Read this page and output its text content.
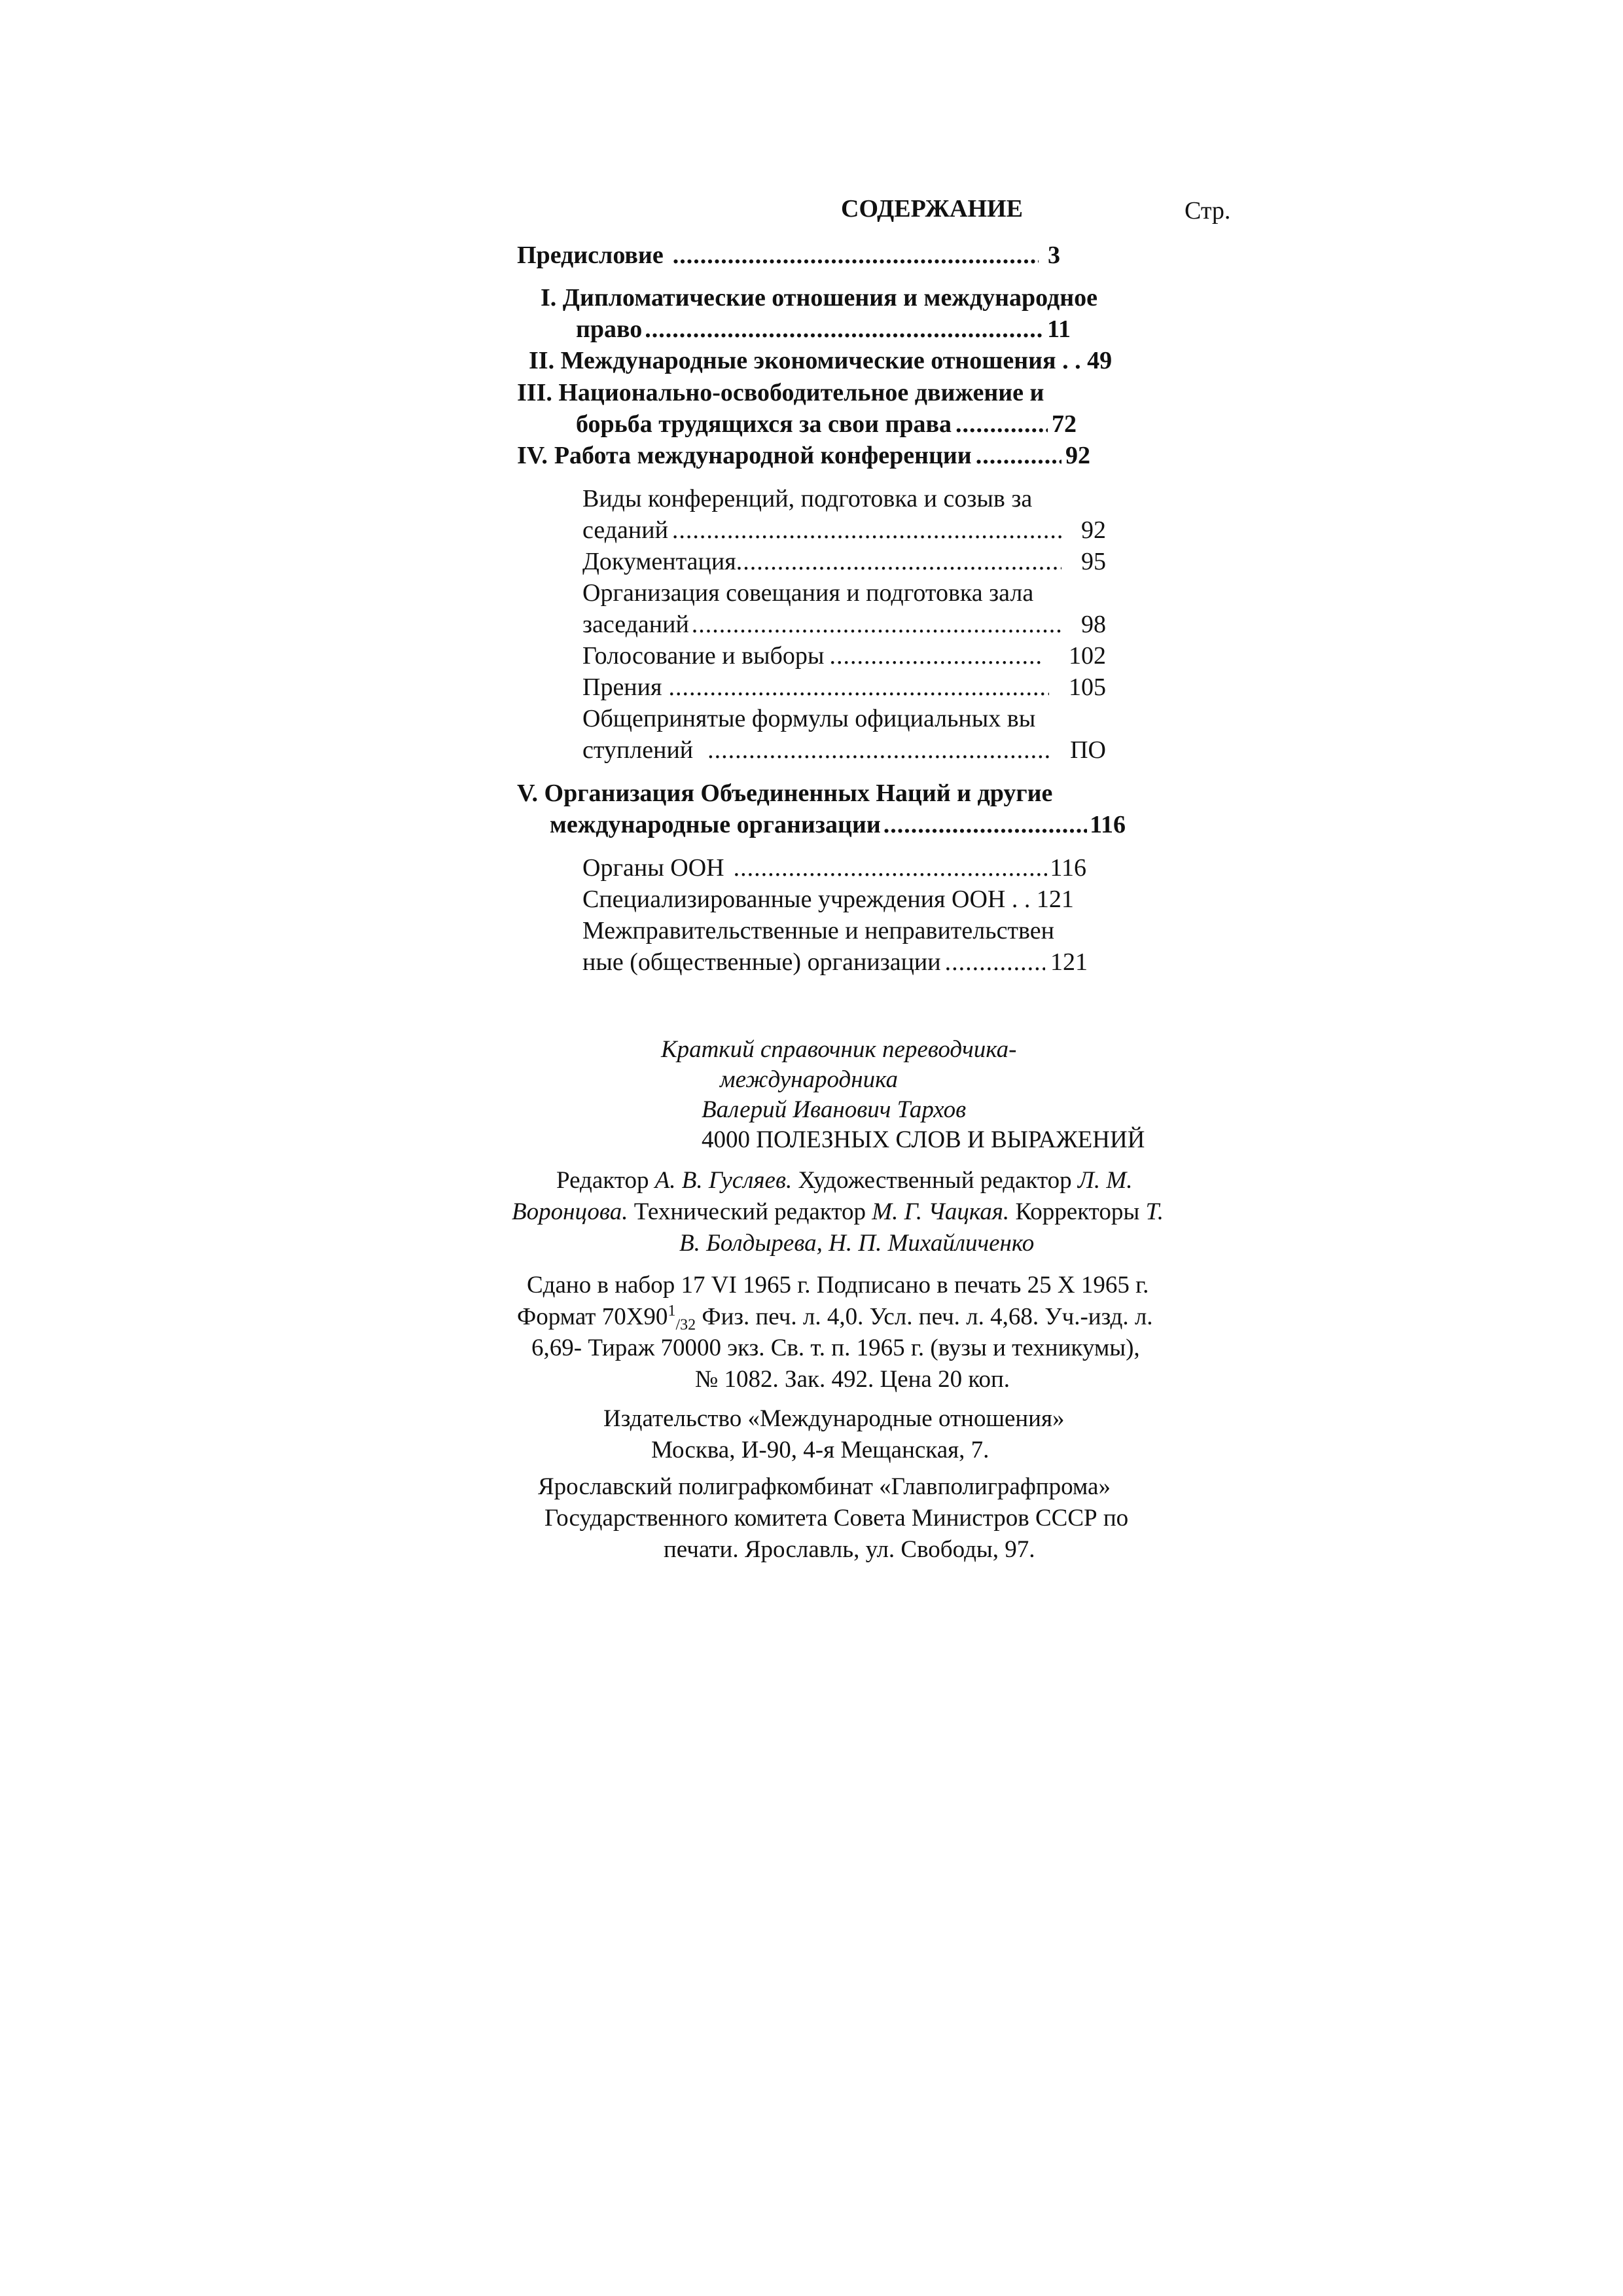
СОДЕРЖАНИЕ	Стр.
Предисловие .....	3
I. Дипломатические отношения и международное
право .....	11
II. Международные экономические отношения . . 49
III. Национально-освободительное движение и
борьба трудящихся за свои права .....	72
IV. Работа международной конференции .....	92
Виды конференций, подготовка и созыв за
седаний .....	92
Документация .....	95
Организация совещания и подготовка зала
заседаний .....	98
Голосование и выборы .....	102
Прения .....	105
Общепринятые формулы официальных вы
ступлений .....	ПО
V. Организация Объединенных Наций и другие
международные организации .....	116
Органы ООН .....	116
Специализированные учреждения ООН . . 121
Межправительственные и неправительствен
ные (общественные) организации .....	121
Краткий справочник переводчика-
международника
Валерий Иванович Тархов
4000 ПОЛЕЗНЫХ СЛОВ И ВЫРАЖЕНИЙ
Редактор А. В. Гусляев. Художественный редактор Л. М.
Воронцова. Технический редактор М. Г. Чацкая. Корректоры Т.
В. Болдырева, Н. П. Михайличенко
Сдано в набор 17 VI 1965 г. Подписано в печать 25 X 1965 г.
Формат $70X90^1_{/32}$ Физ. печ. л. 4,0. Усл. печ. л. 4,68. Уч.-изд. л.
6,69- Тираж 70000 экз. Св. т. п. 1965 г. (вузы и техникумы),
№ 1082. Зак. 492. Цена 20 коп.
Издательство «Международные отношения»
Москва, И-90, 4-я Мещанская, 7.
Ярославский полиграфкомбинат «Главполиграфпрома»
Государственного комитета Совета Министров СССР по
печати. Ярославль, ул. Свободы, 97.
